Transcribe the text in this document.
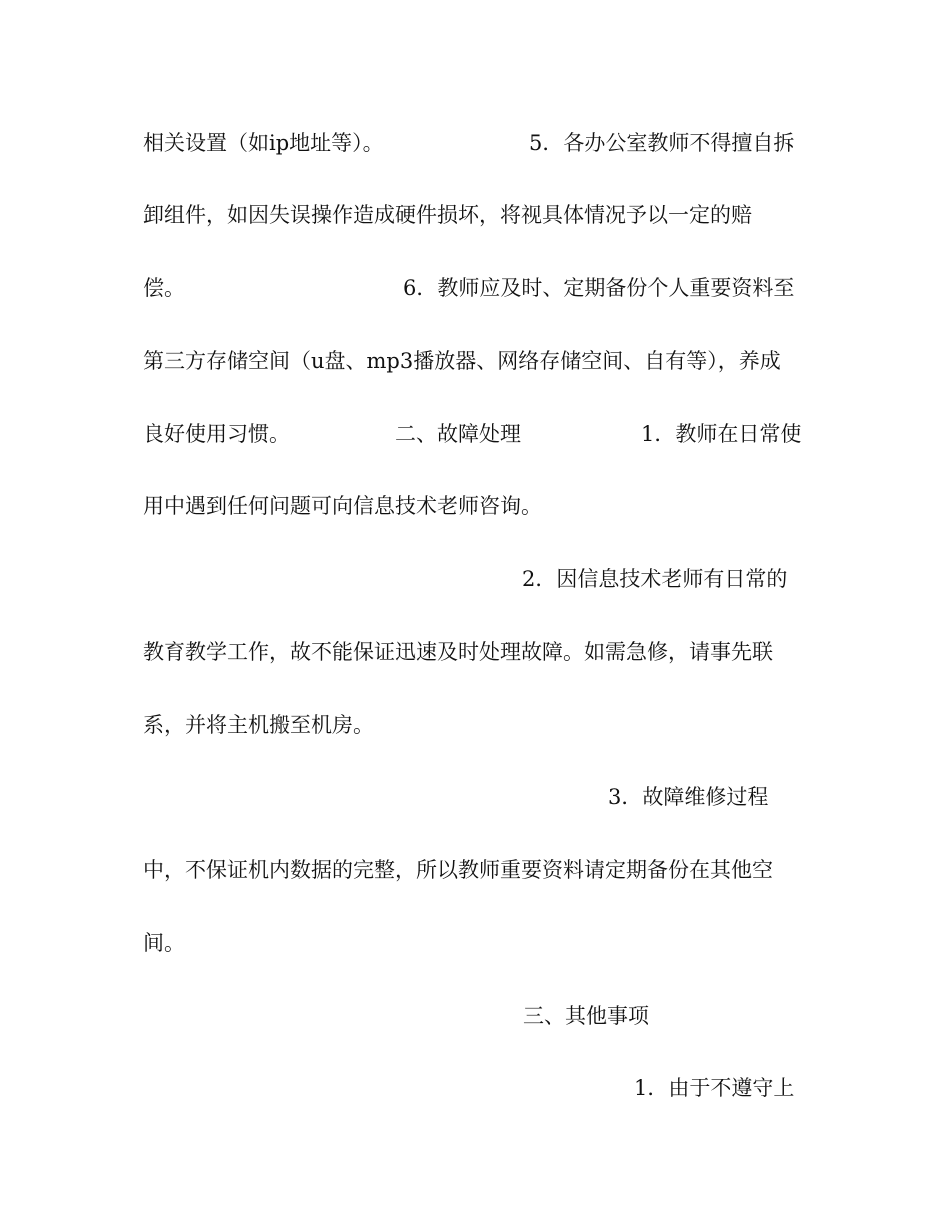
相关设置（如ip地址等）。

	5．各办公室教师不得擅自拆

卸组件，如因失误操作造成硬件损坏，将视具体情况予以一定的赔

偿。

	6．教师应及时、定期备份个人重要资料至

第三方存储空间（u盘、mp3播放器、网络存储空间、自有等），养成

良好使用习惯。

	二、故障处理

	1．教师在日常使

用中遇到任何问题可向信息技术老师咨询。

2．因信息技术老师有日常的

教育教学工作，故不能保证迅速及时处理故障。如需急修，请事先联

系，并将主机搬至机房。

3．故障维修过程

中，不保证机内数据的完整，所以教师重要资料请定期备份在其他空

间。

三、其他事项

1．由于不遵守上
